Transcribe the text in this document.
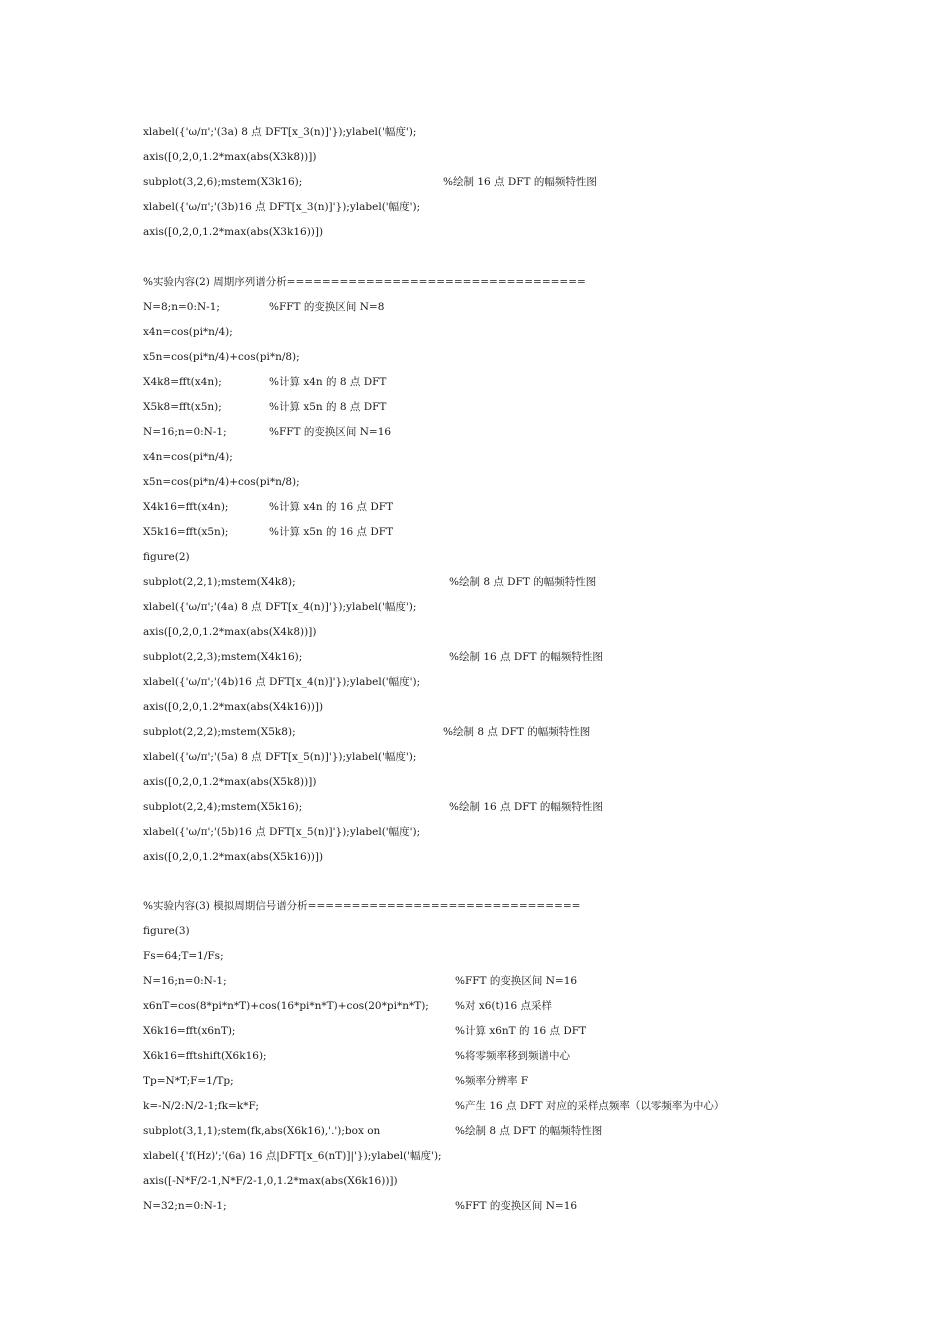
xlabel({'ω/π';'(3a) 8 点 DFT[x_3(n)]'});ylabel('幅度');
axis([0,2,0,1.2*max(abs(X3k8))])
subplot(3,2,6);mstem(X3k16);	%绘制 16 点 DFT 的幅频特性图
xlabel({'ω/π';'(3b)16 点 DFT[x_3(n)]'});ylabel('幅度');
axis([0,2,0,1.2*max(abs(X3k16))])
%实验内容(2) 周期序列谱分析==================================
N=8;n=0:N-1;	%FFT 的变换区间 N=8
x4n=cos(pi*n/4);
x5n=cos(pi*n/4)+cos(pi*n/8);
X4k8=fft(x4n);	%计算 x4n 的 8 点 DFT
X5k8=fft(x5n);	%计算 x5n 的 8 点 DFT
N=16;n=0:N-1;	%FFT 的变换区间 N=16
x4n=cos(pi*n/4);
x5n=cos(pi*n/4)+cos(pi*n/8);
X4k16=fft(x4n);	%计算 x4n 的 16 点 DFT
X5k16=fft(x5n);	%计算 x5n 的 16 点 DFT
figure(2)
subplot(2,2,1);mstem(X4k8);	%绘制 8 点 DFT 的幅频特性图
xlabel({'ω/π';'(4a) 8 点 DFT[x_4(n)]'});ylabel('幅度');
axis([0,2,0,1.2*max(abs(X4k8))])
subplot(2,2,3);mstem(X4k16);	%绘制 16 点 DFT 的幅频特性图
xlabel({'ω/π';'(4b)16 点 DFT[x_4(n)]'});ylabel('幅度');
axis([0,2,0,1.2*max(abs(X4k16))])
subplot(2,2,2);mstem(X5k8);	%绘制 8 点 DFT 的幅频特性图
xlabel({'ω/π';'(5a) 8 点 DFT[x_5(n)]'});ylabel('幅度');
axis([0,2,0,1.2*max(abs(X5k8))])
subplot(2,2,4);mstem(X5k16);	%绘制 16 点 DFT 的幅频特性图
xlabel({'ω/π';'(5b)16 点 DFT[x_5(n)]'});ylabel('幅度');
axis([0,2,0,1.2*max(abs(X5k16))])
%实验内容(3) 模拟周期信号谱分析===============================
figure(3)
Fs=64;T=1/Fs;
N=16;n=0:N-1;	%FFT 的变换区间 N=16
x6nT=cos(8*pi*n*T)+cos(16*pi*n*T)+cos(20*pi*n*T); %对 x6(t)16 点采样
X6k16=fft(x6nT);	%计算 x6nT 的 16 点 DFT
X6k16=fftshift(X6k16);	%将零频率移到频谱中心
Tp=N*T;F=1/Tp;	%频率分辨率 F
k=-N/2:N/2-1;fk=k*F;	%产生 16 点 DFT 对应的采样点频率（以零频率为中心）
subplot(3,1,1);stem(fk,abs(X6k16),'.');box on	%绘制 8 点 DFT 的幅频特性图
xlabel({'f(Hz)';'(6a) 16 点|DFT[x_6(nT)]|'});ylabel('幅度');
axis([-N*F/2-1,N*F/2-1,0,1.2*max(abs(X6k16))])
N=32;n=0:N-1;	%FFT 的变换区间 N=16
